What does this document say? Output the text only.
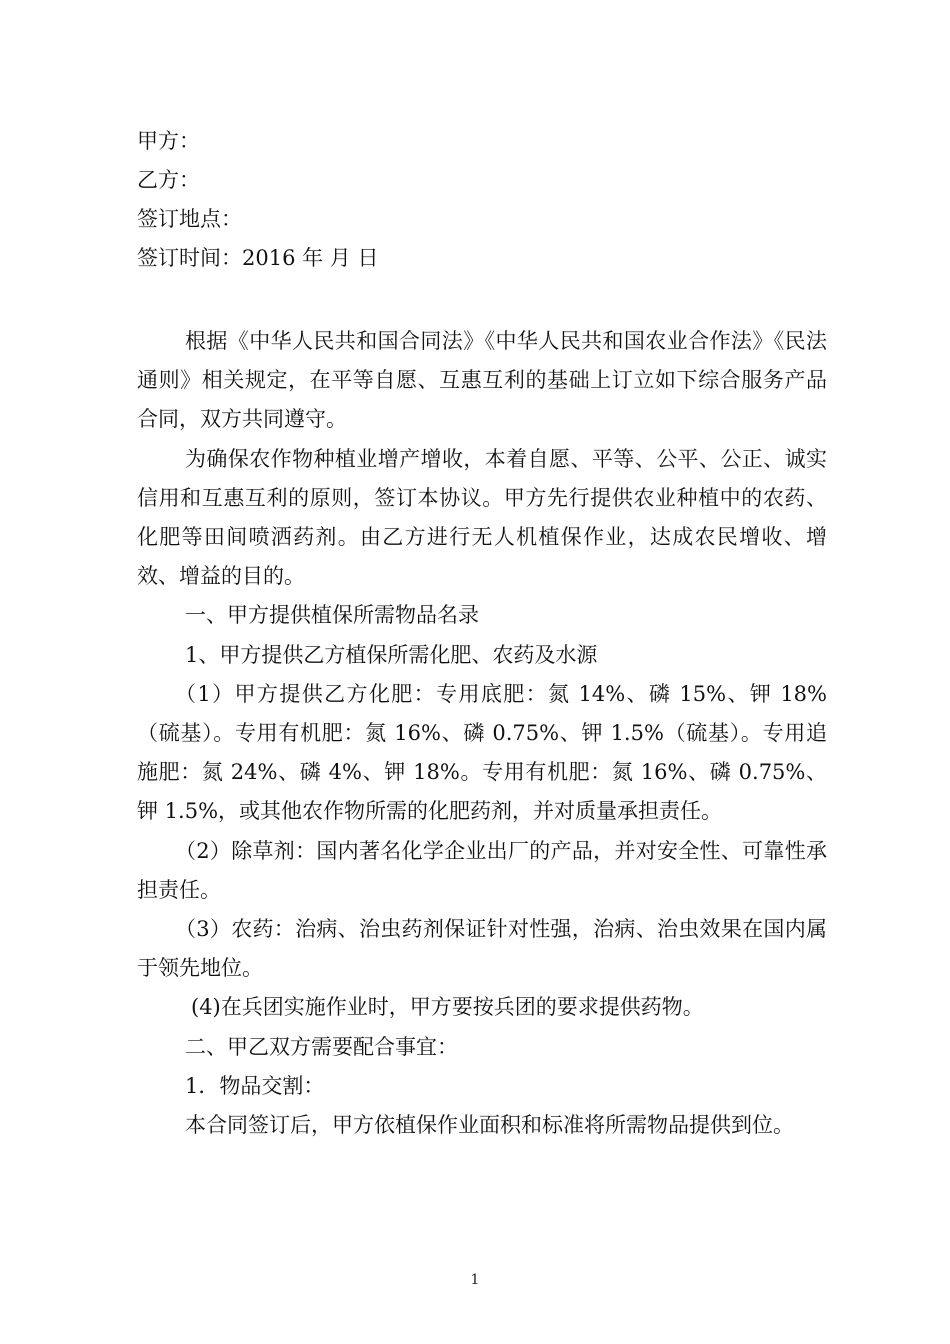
甲方：
乙方：
签订地点：
签订时间：2016 年 月 日

根据《中华人民共和国合同法》《中华人民共和国农业合作法》《民法通则》相关规定，在平等自愿、互惠互利的基础上订立如下综合服务产品合同，双方共同遵守。

为确保农作物种植业增产增收，本着自愿、平等、公平、公正、诚实信用和互惠互利的原则，签订本协议。甲方先行提供农业种植中的农药、化肥等田间喷洒药剂。由乙方进行无人机植保作业，达成农民增收、增效、增益的目的。

一、甲方提供植保所需物品名录

1、甲方提供乙方植保所需化肥、农药及水源

（1）甲方提供乙方化肥：专用底肥：氮 14%、磷 15%、钾 18%（硫基）。专用有机肥：氮 16%、磷 0.75%、钾 1.5%（硫基）。专用追施肥：氮 24%、磷 4%、钾 18%。专用有机肥：氮 16%、磷 0.75%、钾 1.5%，或其他农作物所需的化肥药剂，并对质量承担责任。

（2）除草剂：国内著名化学企业出厂的产品，并对安全性、可靠性承担责任。

（3）农药：治病、治虫药剂保证针对性强，治病、治虫效果在国内属于领先地位。

(4)在兵团实施作业时，甲方要按兵团的要求提供药物。

二、甲乙双方需要配合事宜：

1．物品交割：

本合同签订后，甲方依植保作业面积和标准将所需物品提供到位。

1
